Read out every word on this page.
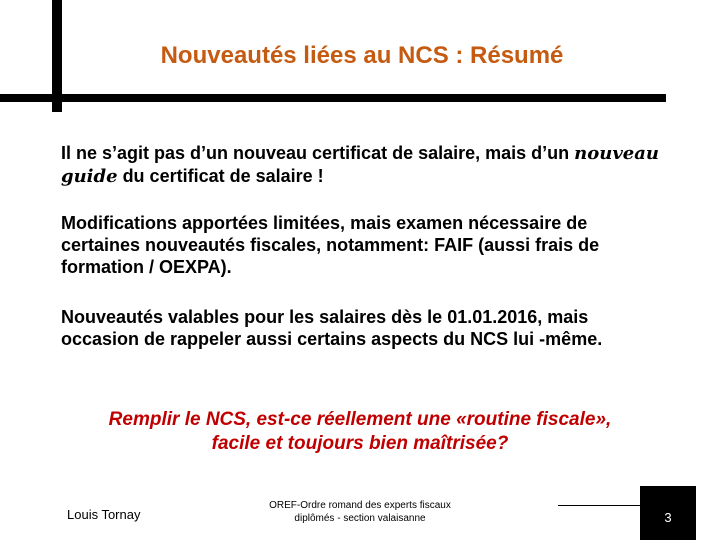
Nouveautés liées au NCS : Résumé
Il ne s’agit pas d’un nouveau certificat de salaire, mais d’un nouveau guide du certificat de salaire !
Modifications apportées limitées, mais examen nécessaire de certaines nouveautés fiscales, notamment: FAIF (aussi frais de formation / OEXPA).
Nouveautés valables pour les salaires dès le 01.01.2016, mais occasion de rappeler aussi certains aspects du NCS lui -même.
Remplir le NCS, est-ce réellement une «routine fiscale»,
facile et toujours bien maîtrisée?
Louis Tornay
OREF-Ordre romand des experts fiscaux
diplômés - section valaisanne	3
